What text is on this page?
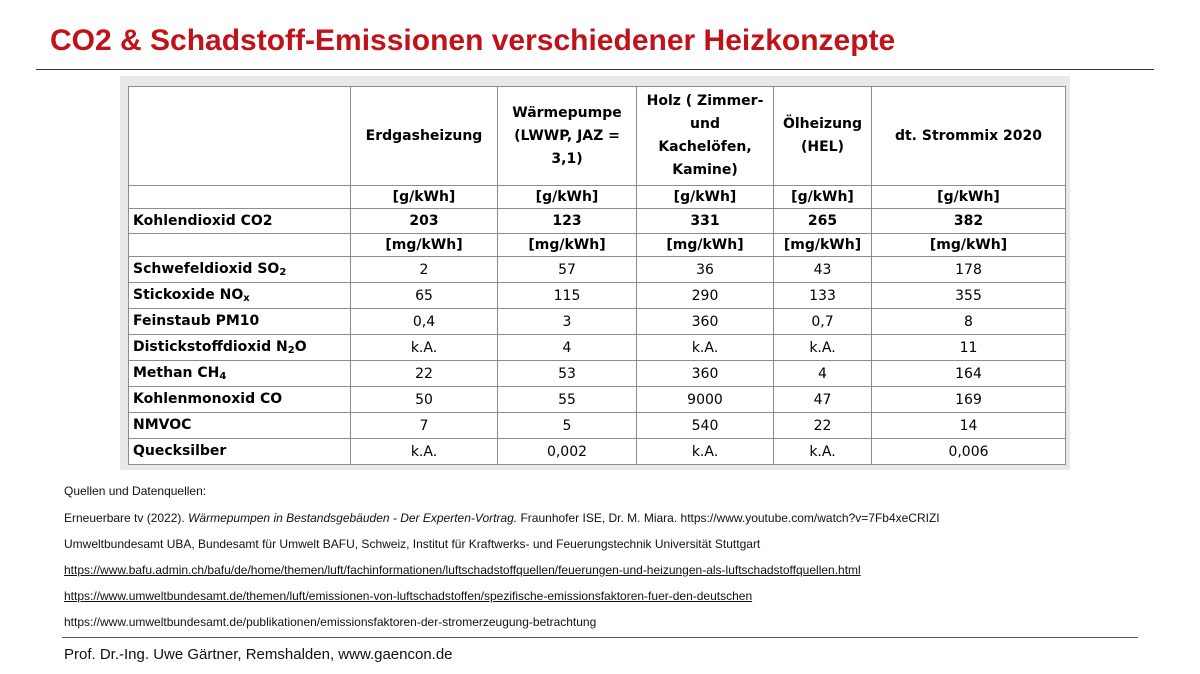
CO2 & Schadstoff-Emissionen verschiedener Heizkonzepte
	Erdgasheizung	Wärmepumpe (LWWP, JAZ = 3,1)	Holz ( Zimmer- und Kachelöfen, Kamine)	Ölheizung (HEL)	dt. Strommix 2020
	[g/kWh]	[g/kWh]	[g/kWh]	[g/kWh]	[g/kWh]
Kohlendioxid CO2	203	123	331	265	382
	[mg/kWh]	[mg/kWh]	[mg/kWh]	[mg/kWh]	[mg/kWh]
Schwefeldioxid $SO_2$	2	57	36	43	178
Stickoxide $NO_x$	65	115	290	133	355
Feinstaub PM10	0,4	3	360	0,7	8
Distickstoffdioxid $N_2O$	k.A.	4	k.A.	k.A.	11
Methan $CH_4$	22	53	360	4	164
Kohlenmonoxid CO	50	55	9000	47	169
NMVOC	7	5	540	22	14
Quecksilber	k.A.	0,002	k.A.	k.A.	0,006
Quellen und Datenquellen:
Erneuerbare tv (2022). Wärmepumpen in Bestandsgebäuden - Der Experten-Vortrag. Fraunhofer ISE, Dr. M. Miara. https://www.youtube.com/watch?v=7Fb4xeCRIZI
Umweltbundesamt UBA, Bundesamt für Umwelt BAFU, Schweiz, Institut für Kraftwerks- und Feuerungstechnik Universität Stuttgart
https://www.bafu.admin.ch/bafu/de/home/themen/luft/fachinformationen/luftschadstoffquellen/feuerungen-und-heizungen-als-luftschadstoffquellen.html
https://www.umweltbundesamt.de/themen/luft/emissionen-von-luftschadstoffen/spezifische-emissionsfaktoren-fuer-den-deutschen
https://www.umweltbundesamt.de/publikationen/emissionsfaktoren-der-stromerzeugung-betrachtung
Prof. Dr.-Ing. Uwe Gärtner, Remshalden, www.gaencon.de
